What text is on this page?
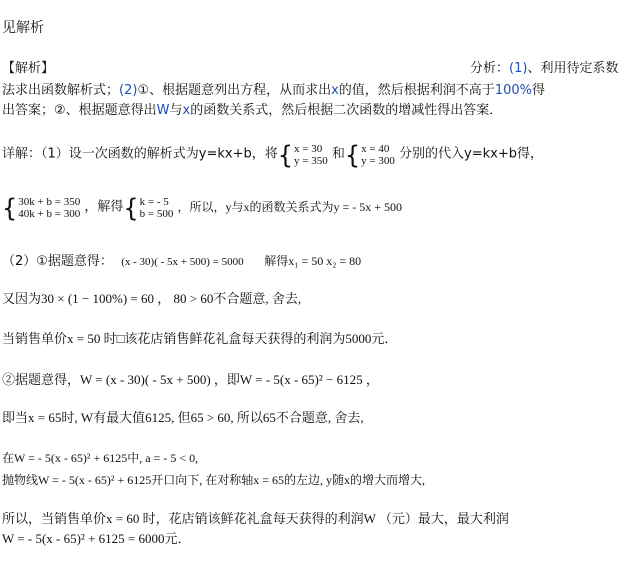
见解析
【解析】	分析：(1)、利用待定系数
法求出函数解析式；(2)①、根据题意列出方程，从而求出x的值，然后根据利润不高于100%得
出答案；②、根据题意得出W与x的函数关系式，然后根据二次函数的增减性得出答案．
详解：（1）设一次函数的解析式为y=kx+b，将{x = 30
y = 350 和{x = 40
y = 300 分别的代入y=kx+b得，
{30k + b = 350
40k + b = 300 ，解得{k = - 5
b = 500 ，所以，y与x的函数关系式为y = - 5x + 500
（2）①据题意得： (x - 30)( - 5x + 500) = 5000 解得x₁ = 50 x₂ = 80
又因为30 × (1 − 100%) = 60 ， 80 > 60不合题意, 舍去,
当销售单价x = 50 时□该花店销售鲜花礼盒每天获得的利润为5000元．
②据题意得，W = (x - 30)( - 5x + 500) ，即W = - 5(x - 65)² − 6125 ，
即当x = 65时, W有最大值6125, 但65 > 60, 所以65不合题意, 舍去,
在W = - 5(x - 65)² + 6125中, a = - 5 < 0,
抛物线W = - 5(x - 65)² + 6125开口向下, 在对称轴x = 65的左边, y随x的增大而增大,
所以，当销售单价x = 60 时，花店销该鲜花礼盒每天获得的利润W （元）最大，最大利润
W = - 5(x - 65)² + 6125 = 6000元．
